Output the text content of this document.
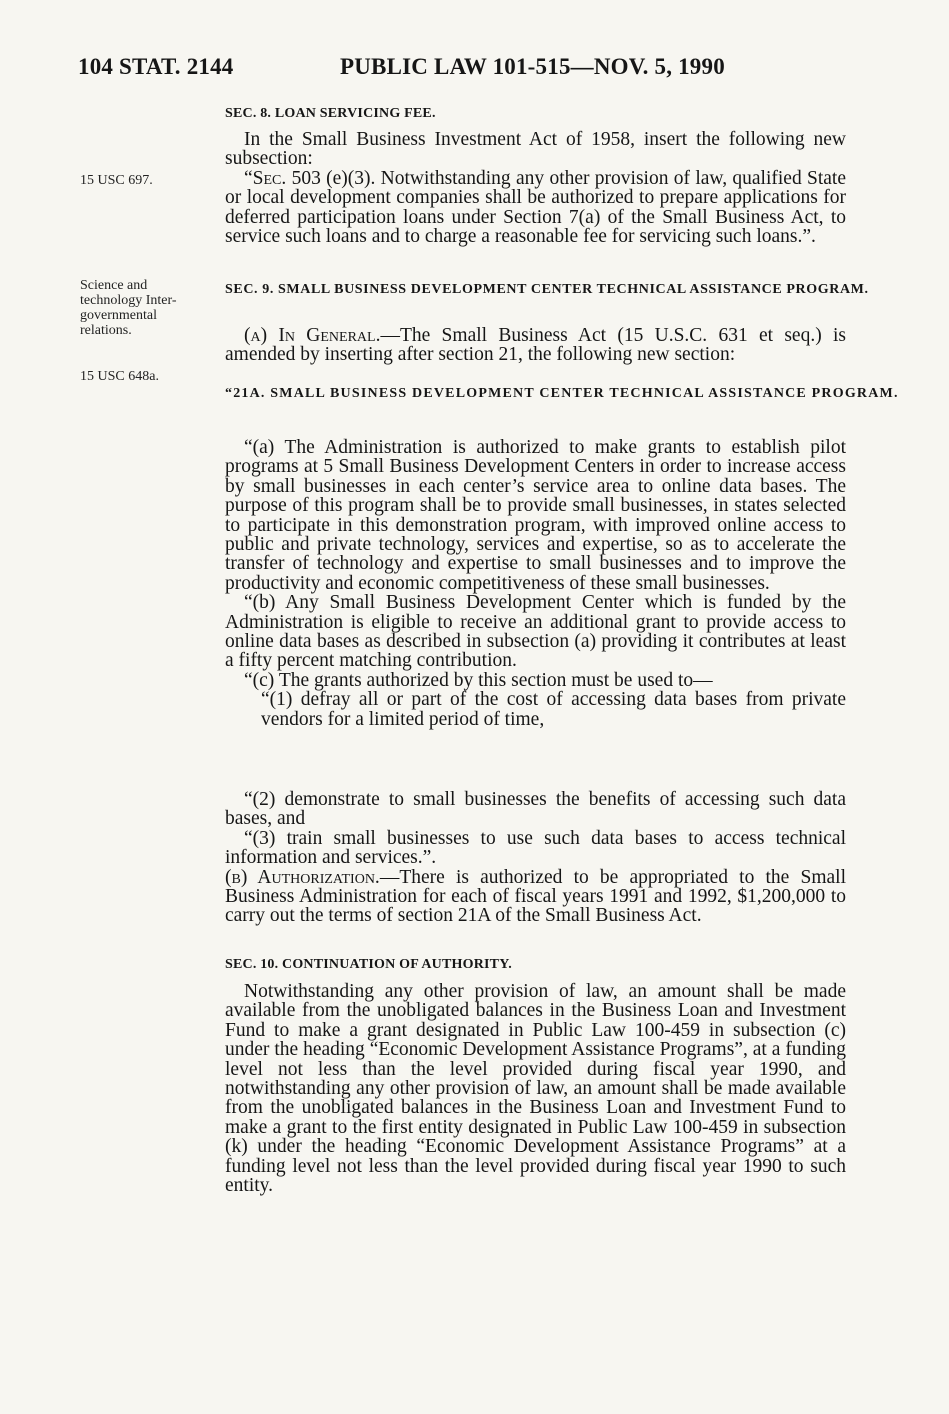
104 STAT. 2144	PUBLIC LAW 101-515—NOV. 5, 1990
15 USC 697.
Science and technology Inter-governmental relations.
15 USC 648a.
SEC. 8. LOAN SERVICING FEE.

In the Small Business Investment Act of 1958, insert the following new subsection:

“Sec. 503 (e)(3). Notwithstanding any other provision of law, qualified State or local development companies shall be authorized to prepare applications for deferred participation loans under Section 7(a) of the Small Business Act, to service such loans and to charge a reasonable fee for servicing such loans.”.

SEC. 9. SMALL BUSINESS DEVELOPMENT CENTER TECHNICAL ASSISTANCE PROGRAM.

(a) In General.—The Small Business Act (15 U.S.C. 631 et seq.) is amended by inserting after section 21, the following new section:

“21A. SMALL BUSINESS DEVELOPMENT CENTER TECHNICAL ASSISTANCE PROGRAM.

“(a) The Administration is authorized to make grants to establish pilot programs at 5 Small Business Development Centers in order to increase access by small businesses in each center’s service area to online data bases. The purpose of this program shall be to provide small businesses, in states selected to participate in this demonstration program, with improved online access to public and private technology, services and expertise, so as to accelerate the transfer of technology and expertise to small businesses and to improve the productivity and economic competitiveness of these small businesses.

“(b) Any Small Business Development Center which is funded by the Administration is eligible to receive an additional grant to provide access to online data bases as described in subsection (a) providing it contributes at least a fifty percent matching contribution.

“(c) The grants authorized by this section must be used to—

“(1) defray all or part of the cost of accessing data bases from private vendors for a limited period of time,

“(2) demonstrate to small businesses the benefits of accessing such data bases, and

“(3) train small businesses to use such data bases to access technical information and services.”.

(b) Authorization.—There is authorized to be appropriated to the Small Business Administration for each of fiscal years 1991 and 1992, $1,200,000 to carry out the terms of section 21A of the Small Business Act.

SEC. 10. CONTINUATION OF AUTHORITY.

Notwithstanding any other provision of law, an amount shall be made available from the unobligated balances in the Business Loan and Investment Fund to make a grant designated in Public Law 100-459 in subsection (c) under the heading “Economic Development Assistance Programs”, at a funding level not less than the level provided during fiscal year 1990, and notwithstanding any other provision of law, an amount shall be made available from the unobligated balances in the Business Loan and Investment Fund to make a grant to the first entity designated in Public Law 100-459 in subsection (k) under the heading “Economic Development Assistance Programs” at a funding level not less than the level provided during fiscal year 1990 to such entity.
